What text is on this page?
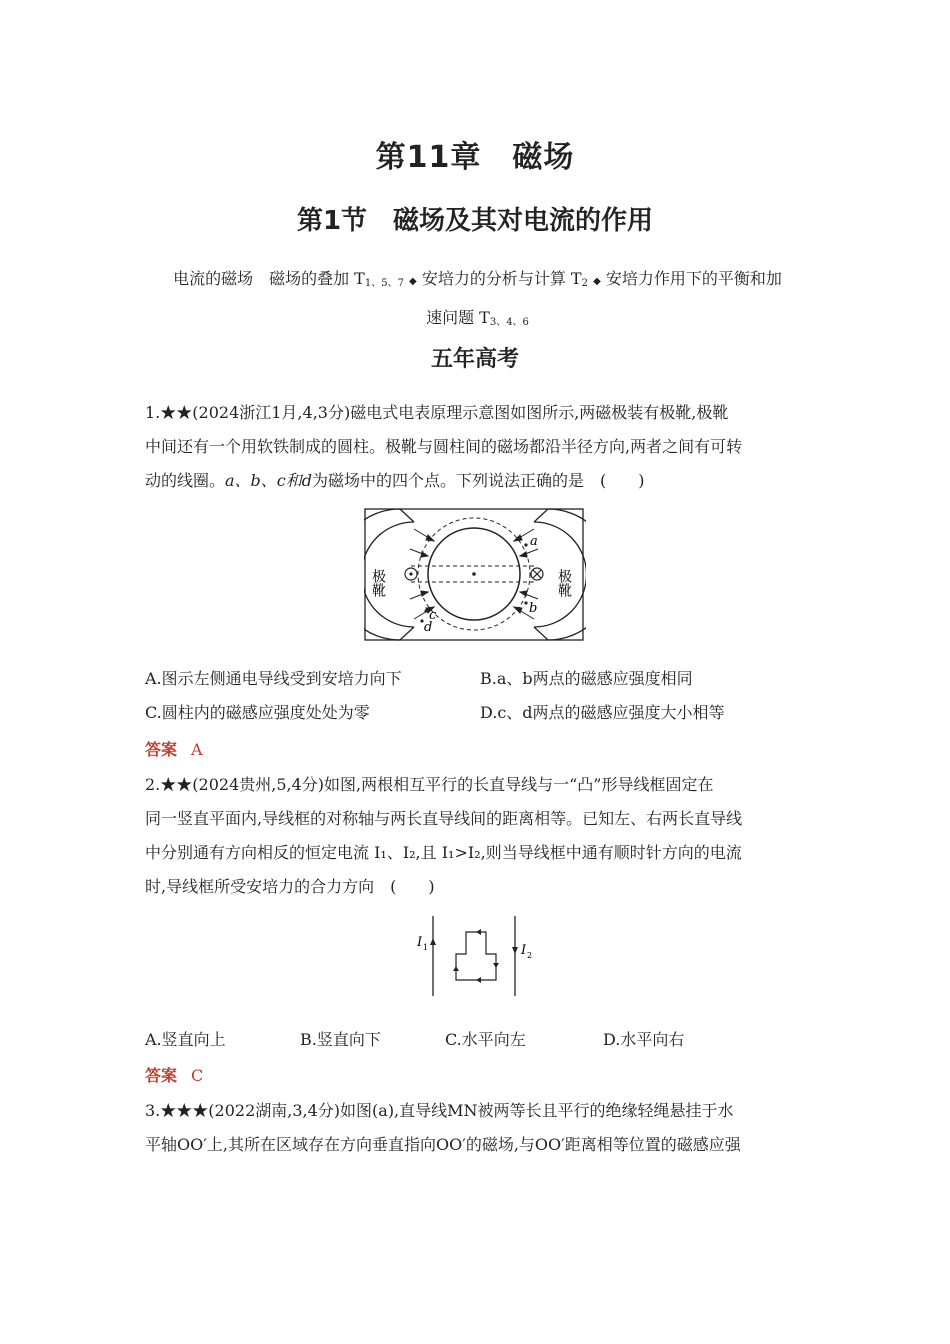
第11章　磁场
第1节　磁场及其对电流的作用
电流的磁场　磁场的叠加 $T_{1、5、7}$ ◆ 安培力的分析与计算 $T_2$ ◆ 安培力作用下的平衡和加
速问题 $T_{3、4、6}$
五年高考
1.★★(2024浙江1月,4,3分)磁电式电表原理示意图如图所示,两磁极装有极靴,极靴
中间还有一个用软铁制成的圆柱。极靴与圆柱间的磁场都沿半径方向,两者之间有可转
动的线圈。a、b、c和d为磁场中的四个点。下列说法正确的是　(　　)
极靴	极靴
a
b
c
d
A.图示左侧通电导线受到安培力向下	B.a、b两点的磁感应强度相同
C.圆柱内的磁感应强度处处为零	D.c、d两点的磁感应强度大小相等
答案 A
2.★★(2024贵州,5,4分)如图,两根相互平行的长直导线与一“凸”形导线框固定在
同一竖直平面内,导线框的对称轴与两长直导线间的距离相等。已知左、右两长直导线
中分别通有方向相反的恒定电流 I₁、I₂,且 I₁>I₂,则当导线框中通有顺时针方向的电流
时,导线框所受安培力的合力方向　(　　)
I 1	I 2
A.竖直向上	B.竖直向下	C.水平向左	D.水平向右
答案 C
3.★★★(2022湖南,3,4分)如图(a),直导线MN被两等长且平行的绝缘轻绳悬挂于水
平轴OO′上,其所在区域存在方向垂直指向OO′的磁场,与OO′距离相等位置的磁感应强
